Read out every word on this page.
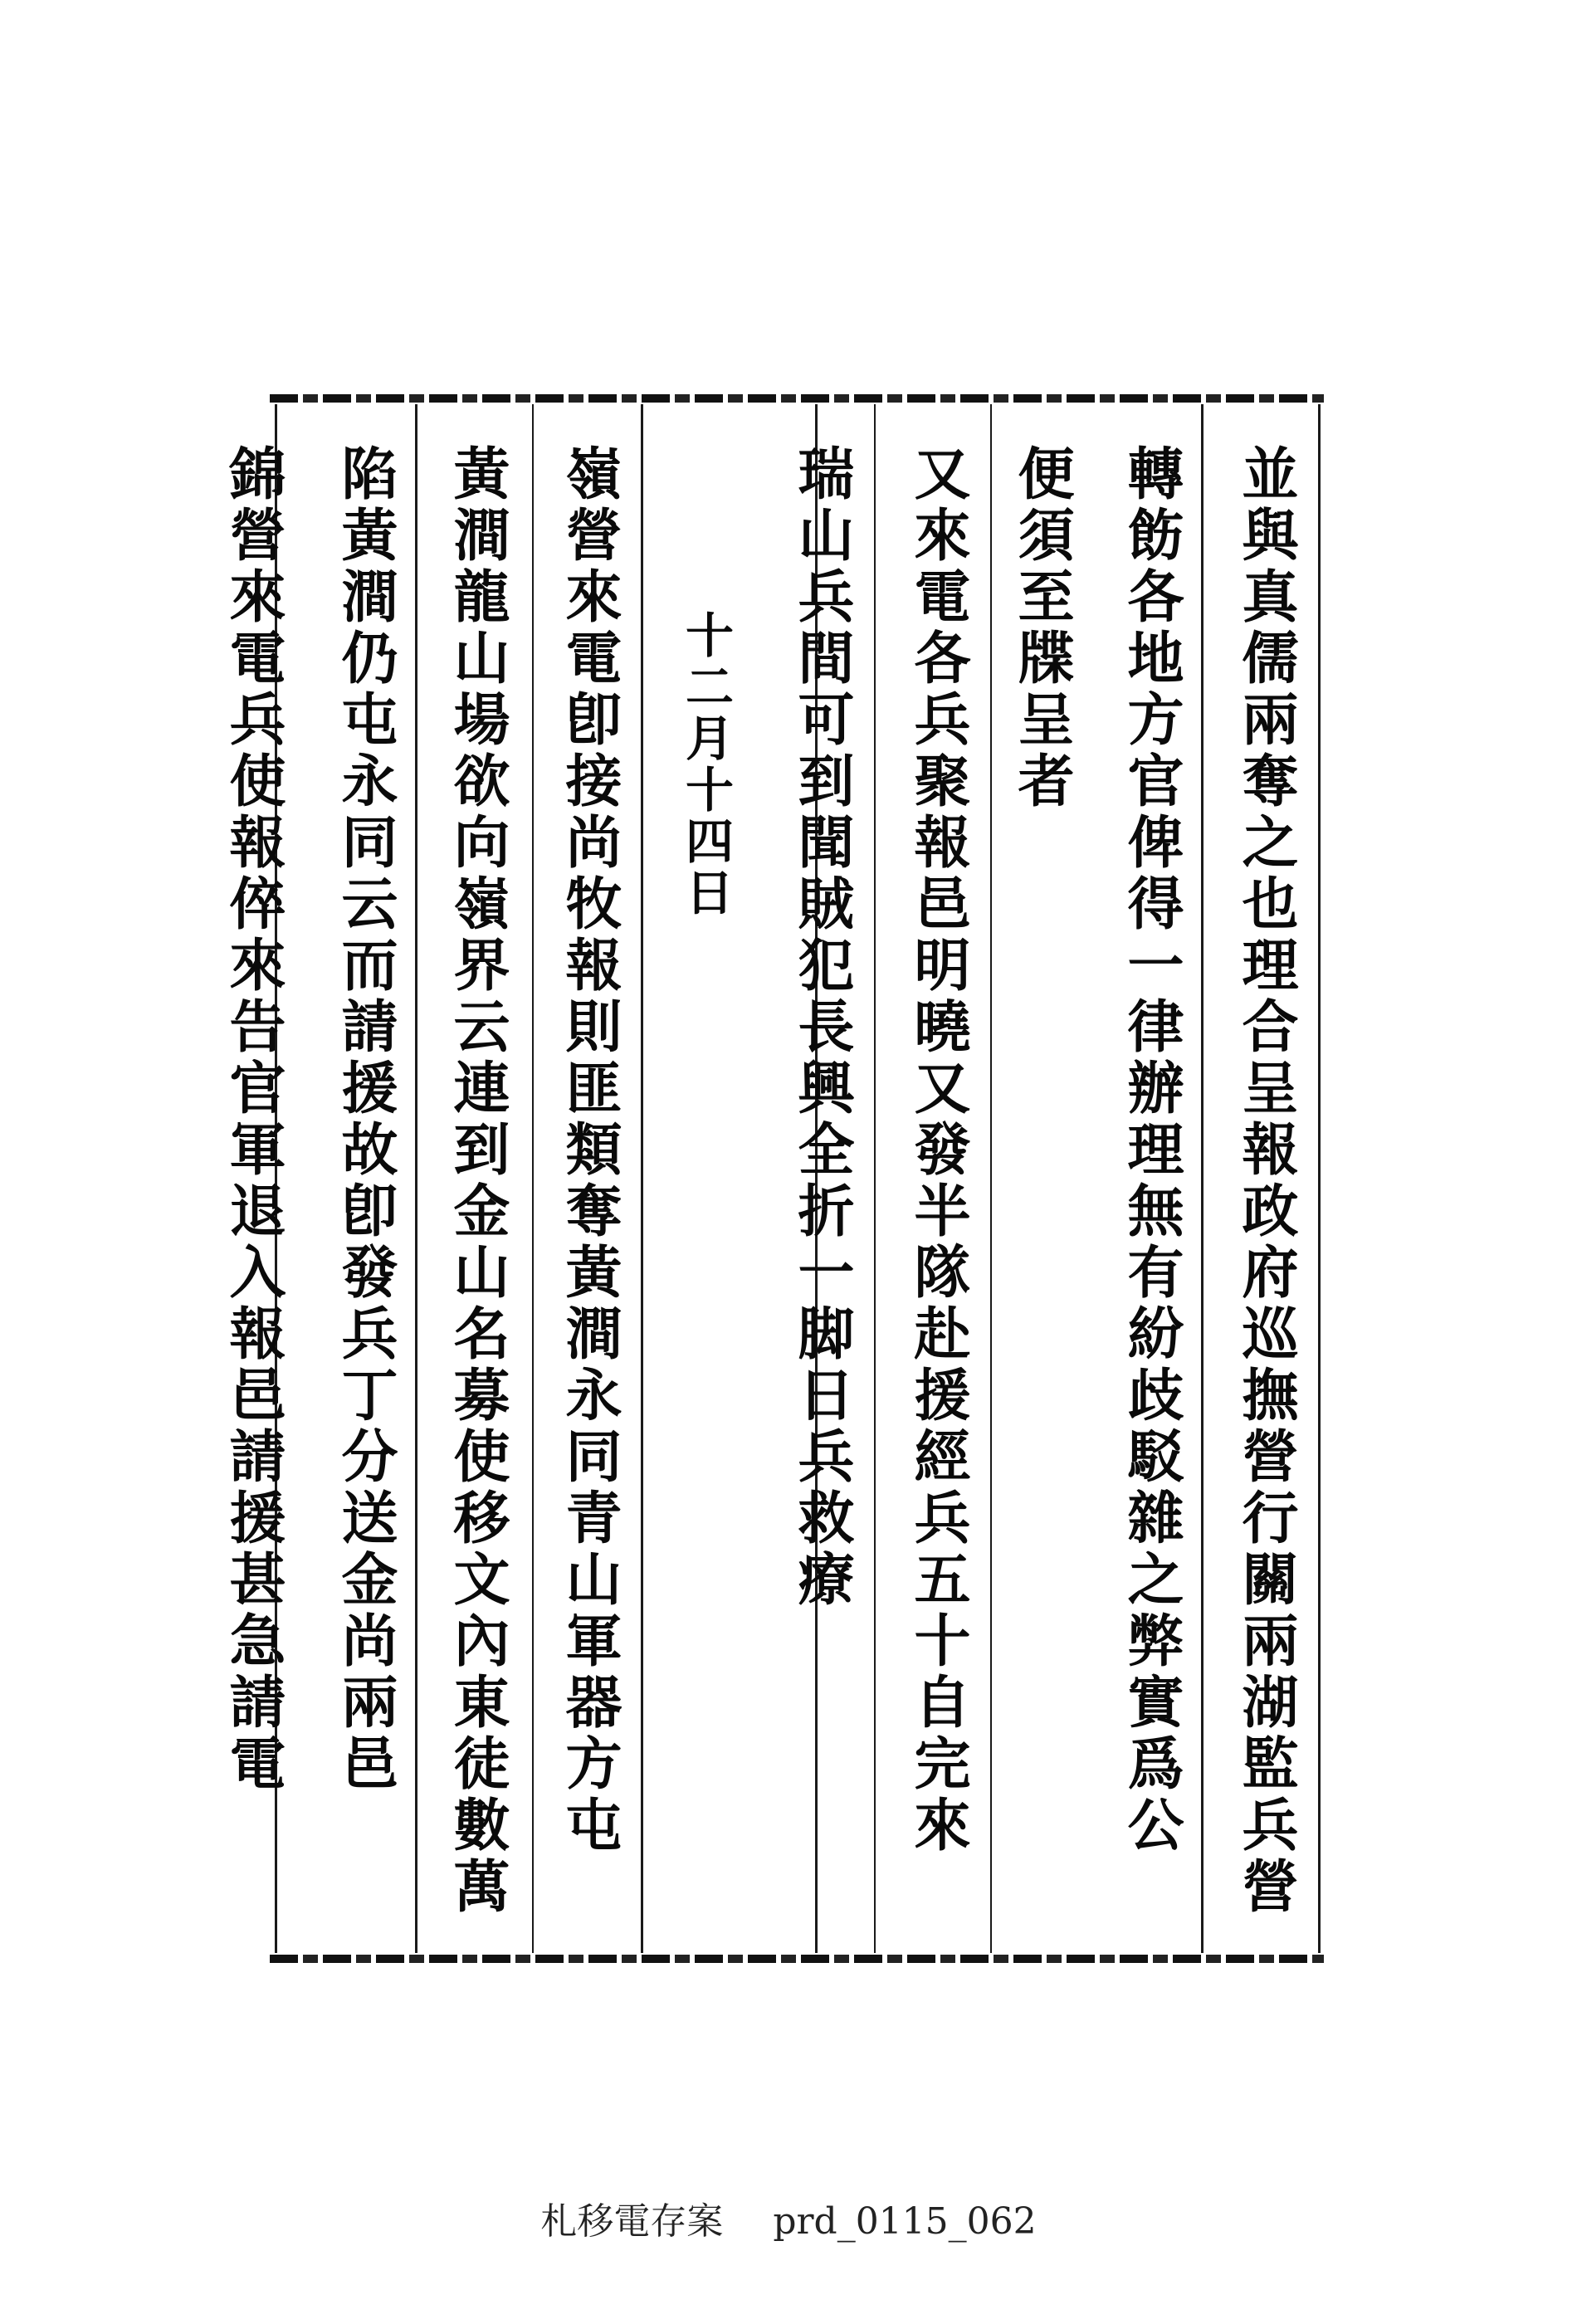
並與真儒兩奪之也理合呈報政府巡撫營行關兩湖監兵營
轉飭各地方官俾得一律辦理無有紛歧駁雜之弊實爲公
便須至牒呈者
又來電各兵聚報邑明曉又發半隊赴援經兵五十自完來
瑞山兵間可到聞賊犯長興全折一脚日兵救療
十二月十四日
嶺營來電卽接尚牧報則匪類奪黃澗永同青山軍器方屯
黃澗龍山場欲向嶺界云連到金山名募使移文內東徒數萬
陷黃澗仍屯永同云而請援故卽發兵丁分送金尚兩邑
錦營來電兵使報倅來告官軍退入報邑請援甚急請電
札移電存案 prd_0115_062
